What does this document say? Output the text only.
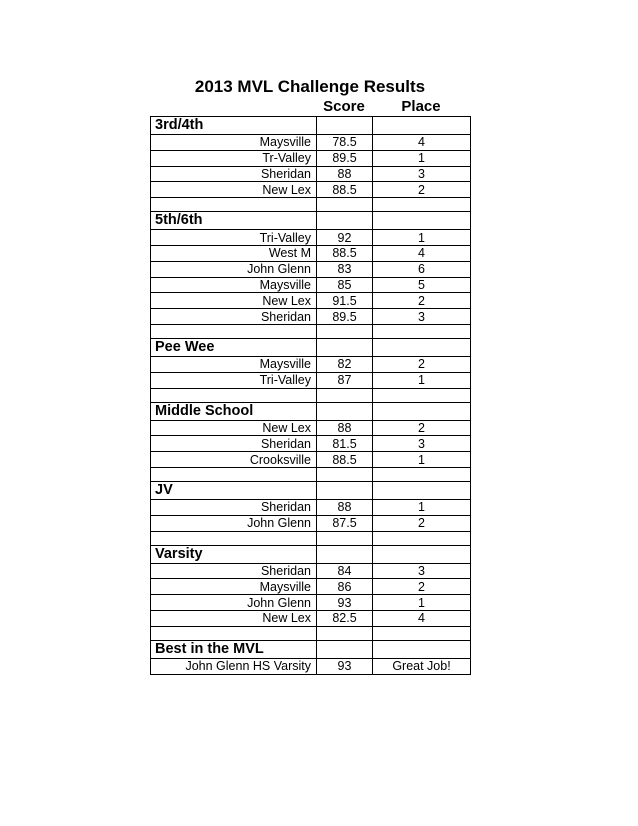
2013 MVL Challenge Results
Score	Place
3rd/4th		
Maysville	78.5	4
Tr-Valley	89.5	1
Sheridan	88	3
New Lex	88.5	2

5th/6th		
Tri-Valley	92	1
West M	88.5	4
John Glenn	83	6
Maysville	85	5
New Lex	91.5	2
Sheridan	89.5	3

Pee Wee		
Maysville	82	2
Tri-Valley	87	1

Middle School		
New Lex	88	2
Sheridan	81.5	3
Crooksville	88.5	1

JV		
Sheridan	88	1
John Glenn	87.5	2

Varsity		
Sheridan	84	3
Maysville	86	2
John Glenn	93	1
New Lex	82.5	4

Best in the MVL		
John Glenn HS Varsity	93	Great Job!
